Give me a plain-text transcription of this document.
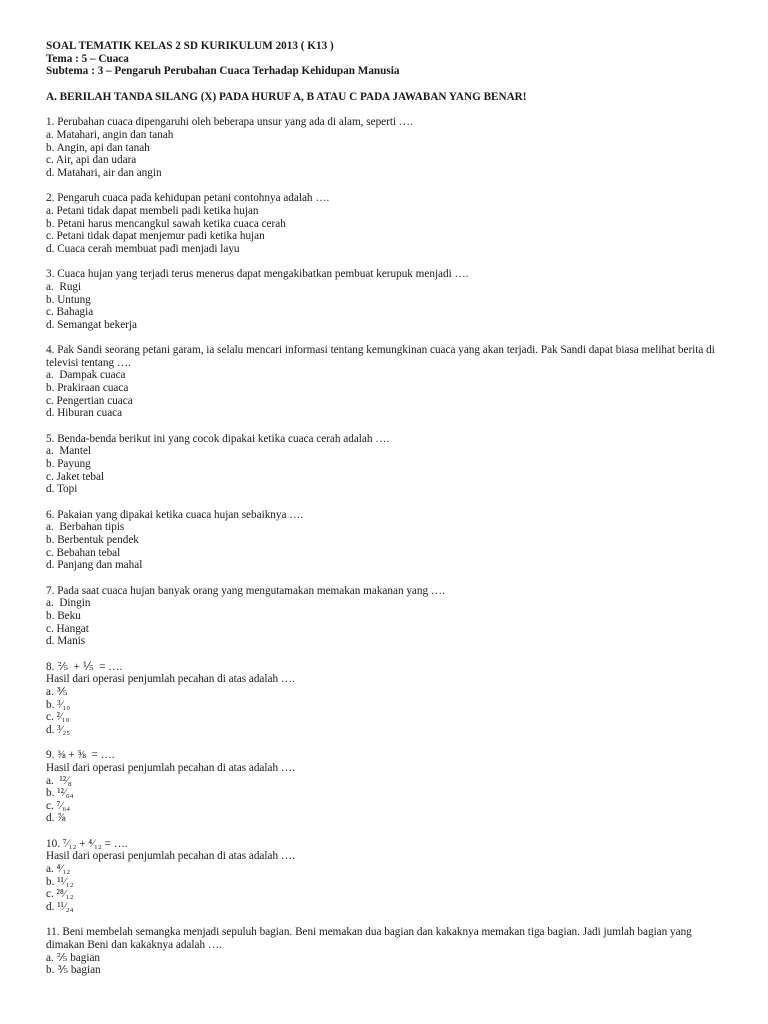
SOAL TEMATIK KELAS 2 SD KURIKULUM 2013 ( K13 )
Tema : 5 – Cuaca
Subtema : 3 – Pengaruh Perubahan Cuaca Terhadap Kehidupan Manusia
A. BERILAH TANDA SILANG (X) PADA HURUF A, B ATAU C PADA JAWABAN YANG BENAR!
1. Perubahan cuaca dipengaruhi oleh beberapa unsur yang ada di alam, seperti ….
a. Matahari, angin dan tanah
b. Angin, api dan tanah
c. Air, api dan udara
d. Matahari, air dan angin
2. Pengaruh cuaca pada kehidupan petani contohnya adalah ….
a. Petani tidak dapat membeli padi ketika hujan
b. Petani harus mencangkul sawah ketika cuaca cerah
c. Petani tidak dapat menjemur padi ketika hujan
d. Cuaca cerah membuat padi menjadi layu
3. Cuaca hujan yang terjadi terus menerus dapat mengakibatkan pembuat kerupuk menjadi ….
a.  Rugi
b. Untung
c. Bahagia
d. Semangat bekerja
4. Pak Sandi seorang petani garam, ia selalu mencari informasi tentang kemungkinan cuaca yang akan terjadi. Pak Sandi dapat biasa melihat berita di televisi tentang ….
a.  Dampak cuaca
b. Prakiraan cuaca
c. Pengertian cuaca
d. Hiburan cuaca
5. Benda-benda berikut ini yang cocok dipakai ketika cuaca cerah adalah ….
a.  Mantel
b. Payung
c. Jaket tebal
d. Topi
6. Pakaian yang dipakai ketika cuaca hujan sebaiknya ….
a.  Berbahan tipis
b. Berbentuk pendek
c. Bebahan tebal
d. Panjang dan mahal
7. Pada saat cuaca hujan banyak orang yang mengutamakan memakan makanan yang ….
a.  Dingin
b. Beku
c. Hangat
d. Manis
8. ⅖  + ⅕  = ….
Hasil dari operasi penjumlah pecahan di atas adalah ….
a. ⅗
b. ³⁄₁₀
c. ²⁄₁₀
d. ³⁄₂₅
9. ⅜ + ⅝  = ….
Hasil dari operasi penjumlah pecahan di atas adalah ….
a.  ¹²⁄₈
b. ¹²⁄₆₄
c. ⁷⁄₆₄
d. ⅞
10. ⁷⁄₁₂ + ⁴⁄₁₂ = ….
Hasil dari operasi penjumlah pecahan di atas adalah ….
a. ⁴⁄₁₂
b. ¹¹⁄₁₂
c. ²⁸⁄₁₂
d. ¹¹⁄₂₄
11. Beni membelah semangka menjadi sepuluh bagian. Beni memakan dua bagian dan kakaknya memakan tiga bagian. Jadi jumlah bagian yang dimakan Beni dan kakaknya adalah ….
a. ⅖ bagian
b. ⅗ bagian
